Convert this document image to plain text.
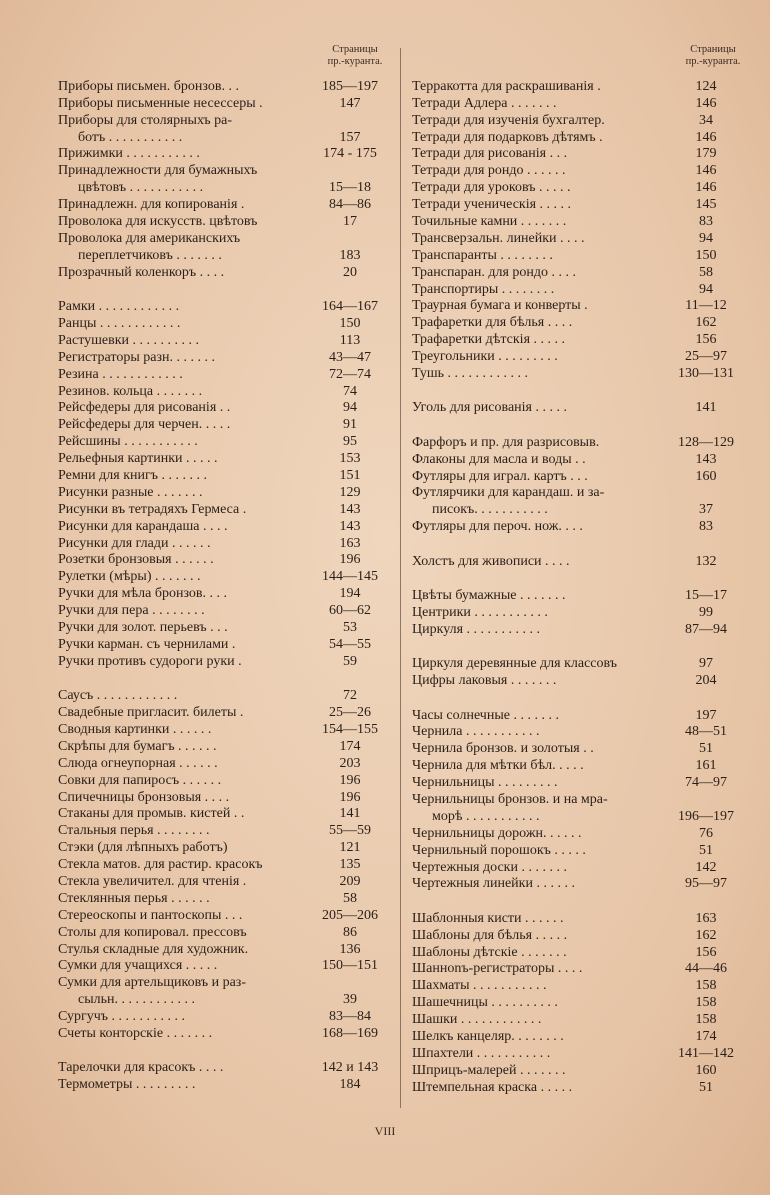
Страницы
пр.-куранта.
Приборы письмен. бронзов. . .	185—197
Приборы письменные несессеры .	147
Приборы для столярныхъ ра-
ботъ . . . . . . . . . . .	157
Прижимки . . . . . . . . . . .	174 - 175
Принадлежности для бумажныхъ
цвѣтовъ . . . . . . . . . . .	15—18
Принадлежн. для копированія .	84—86
Проволока для искусств. цвѣтовъ	17
Проволока для американскихъ
переплетчиковъ . . . . . . .	183
Прозрачный коленкоръ . . . .	20
Рамки . . . . . . . . . . . .	164—167
Ранцы . . . . . . . . . . . .	150
Растушевки . . . . . . . . . .	113
Регистраторы разн. . . . . . .	43—47
Резина . . . . . . . . . . . .	72—74
Резинов. кольца . . . . . . .	74
Рейсфедеры для рисованія . .	94
Рейсфедеры для черчен. . . . .	91
Рейсшины . . . . . . . . . . .	95
Рельефныя картинки . . . . .	153
Ремни для книгъ . . . . . . .	151
Рисунки разные . . . . . . .	129
Рисунки въ тетрадяхъ Гермеса .	143
Рисунки для карандаша . . . .	143
Рисунки для глади . . . . . .	163
Розетки бронзовыя . . . . . .	196
Рулетки (мѣры) . . . . . . .	144—145
Ручки для мѣла бронзов. . . .	194
Ручки для пера . . . . . . . .	60—62
Ручки для золот. перьевъ . . .	53
Ручки карман. съ чернилами .	54—55
Ручки противъ судороги руки .	59
Саусъ . . . . . . . . . . . .	72
Свадебные пригласит. билеты .	25—26
Сводныя картинки . . . . . .	154—155
Скрѣпы для бумагъ . . . . . .	174
Слюда огнеупорная . . . . . .	203
Совки для папиросъ . . . . . .	196
Спичечницы бронзовыя . . . .	196
Стаканы для промыв. кистей . .	141
Стальныя перья . . . . . . . .	55—59
Стэки (для лѣпныхъ работъ)	121
Стекла матов. для растир. красокъ	135
Стекла увеличител. для чтенія .	209
Стеклянныя перья . . . . . .	58
Стереоскопы и пантоскопы . . .	205—206
Столы для копировал. прессовъ	86
Стулья складные для художник.	136
Сумки для учащихся . . . . .	150—151
Сумки для артельщиковъ и раз-
сыльн. . . . . . . . . . . .	39
Сургучъ . . . . . . . . . . .	83—84
Счеты конторскіе . . . . . . .	168—169
Тарелочки для красокъ . . . .	142 и 143
Термометры . . . . . . . . .	184
Страницы
пр.-куранта.
Терракотта для раскрашиванія .	124
Тетради Адлера . . . . . . .	146
Тетради для изученія бухгалтер.	34
Тетради для подарковъ дѣтямъ .	146
Тетради для рисованія . . .	179
Тетради для рондо . . . . . .	146
Тетради для уроковъ . . . . .	146
Тетради ученическія . . . . .	145
Точильные камни . . . . . . .	83
Трансверзальн. линейки . . . .	94
Транспаранты . . . . . . . .	150
Транспаран. для рондо . . . .	58
Транспортиры . . . . . . . .	94
Траурная бумага и конверты .	11—12
Трафаретки для бѣлья . . . .	162
Трафаретки дѣтскія . . . . .	156
Треугольники . . . . . . . . .	25—97
Тушь . . . . . . . . . . . .	130—131
Уголь для рисованія . . . . .	141
Фарфоръ и пр. для разрисовыв.	128—129
Флаконы для масла и воды . .	143
Футляры для играл. картъ . . .	160
Футлярчики для карандаш. и за-
писокъ. . . . . . . . . . .	37
Футляры для пероч. нож. . . .	83
Холстъ для живописи . . . .	132
Цвѣты бумажные . . . . . . .	15—17
Центрики . . . . . . . . . . .	99
Циркуля . . . . . . . . . . .	87—94
Циркуля деревянные для классовъ	97
Цифры лаковыя . . . . . . .	204
Часы солнечные . . . . . . .	197
Чернила . . . . . . . . . . .	48—51
Чернила бронзов. и золотыя . .	51
Чернила для мѣтки бѣл. . . . .	161
Чернильницы . . . . . . . . .	74—97
Чернильницы бронзов. и на мра-
морѣ . . . . . . . . . . .	196—197
Чернильницы дорожн. . . . . .	76
Чернильный порошокъ . . . . .	51
Чертежныя доски . . . . . . .	142
Чертежныя линейки . . . . . .	95—97
Шаблонныя кисти . . . . . .	163
Шаблоны для бѣлья . . . . .	162
Шаблоны дѣтскіе . . . . . . .	156
Шанноnъ-регистраторы . . . .	44—46
Шахматы . . . . . . . . . . .	158
Шашечницы . . . . . . . . . .	158
Шашки . . . . . . . . . . . .	158
Шелкъ канцеляр. . . . . . . .	174
Шпахтели . . . . . . . . . . .	141—142
Шприцъ-малерей . . . . . . .	160
Штемпельная краска . . . . .	51
VIII
